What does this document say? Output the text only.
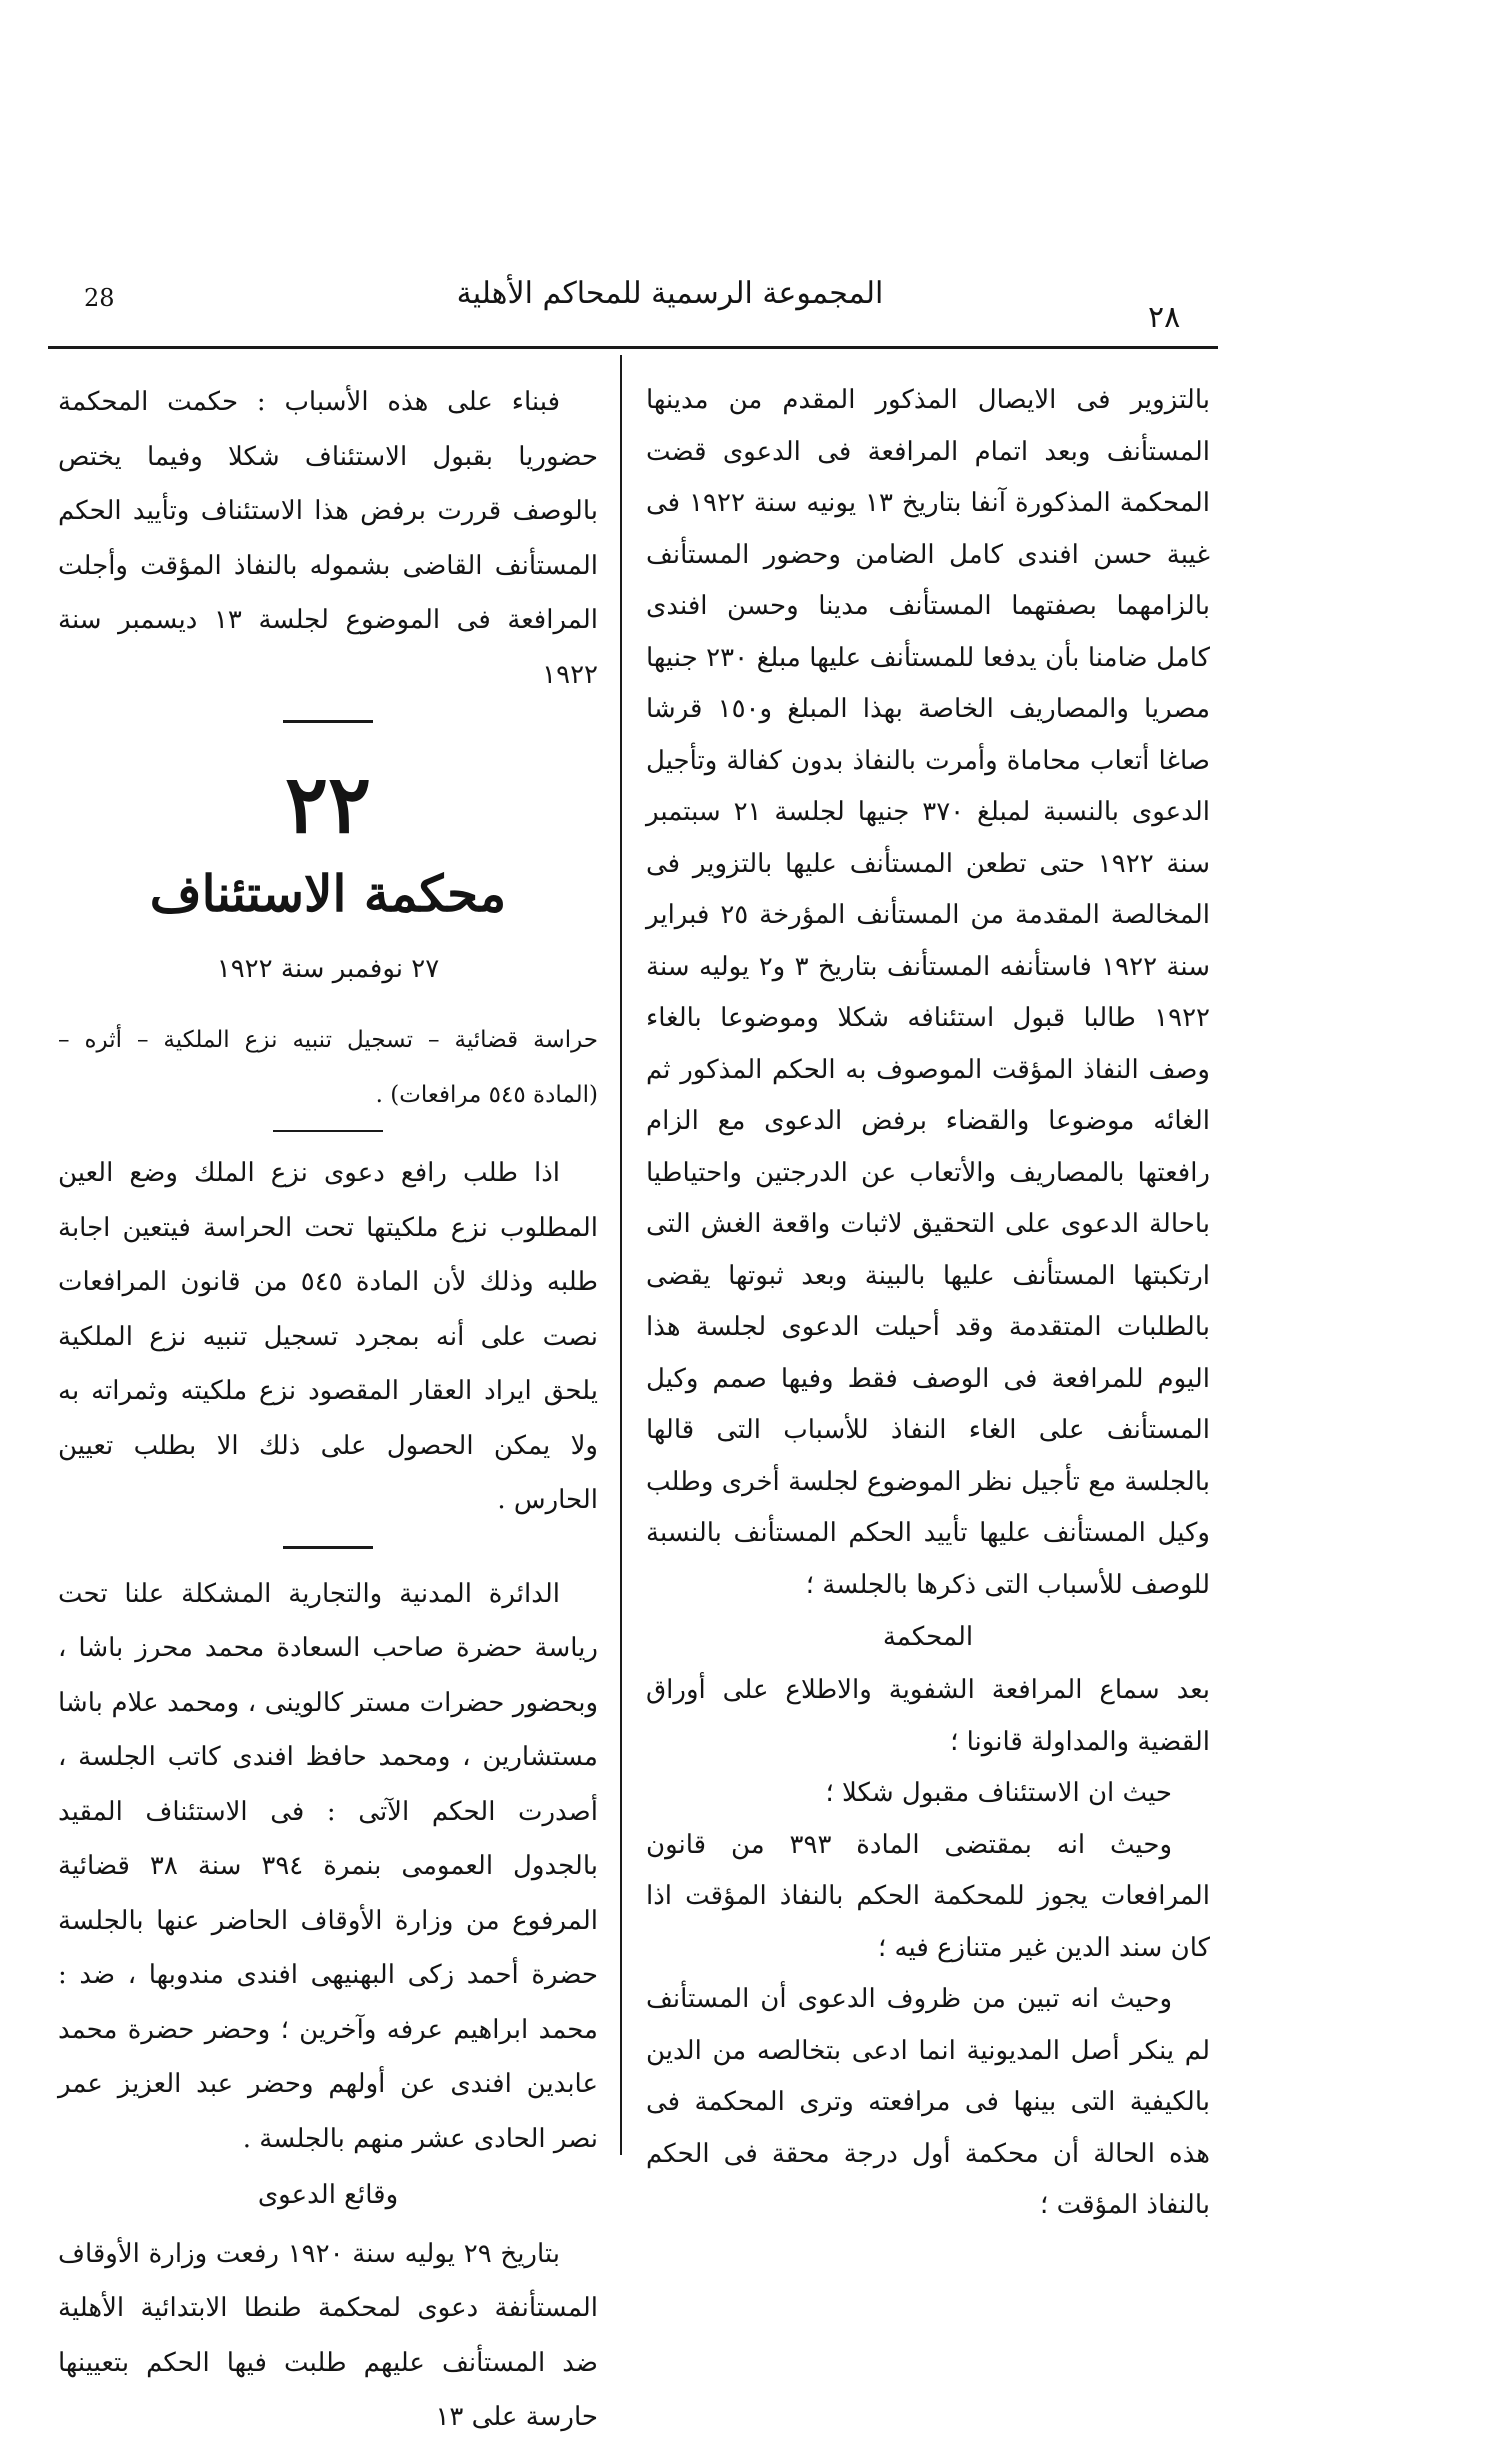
28	المجموعة الرسمية للمحاكم الأهلية
٢٨

بالتزوير فى الايصال المذكور المقدم من مدينها المستأنف وبعد اتمام المرافعة فى الدعوى قضت المحكمة المذكورة آنفا بتاريخ ١٣ يونيه سنة ١٩٢٢ فى غيبة حسن افندى كامل الضامن وحضور المستأنف بالزامهما بصفتهما المستأنف مدينا وحسن افندى كامل ضامنا بأن يدفعا للمستأنف عليها مبلغ ٢٣٠ جنيها مصريا والمصاريف الخاصة بهذا المبلغ و١٥٠ قرشا صاغا أتعاب محاماة وأمرت بالنفاذ بدون كفالة وتأجيل الدعوى بالنسبة لمبلغ ٣٧٠ جنيها لجلسة ٢١ سبتمبر سنة ١٩٢٢ حتى تطعن المستأنف عليها بالتزوير فى المخالصة المقدمة من المستأنف المؤرخة ٢٥ فبراير سنة ١٩٢٢ فاستأنفه المستأنف بتاريخ ٣ و٢ يوليه سنة ١٩٢٢ طالبا قبول استئنافه شكلا وموضوعا بالغاء وصف النفاذ المؤقت الموصوف به الحكم المذكور ثم الغائه موضوعا والقضاء برفض الدعوى مع الزام رافعتها بالمصاريف والأتعاب عن الدرجتين واحتياطيا باحالة الدعوى على التحقيق لاثبات واقعة الغش التى ارتكبتها المستأنف عليها بالبينة وبعد ثبوتها يقضى بالطلبات المتقدمة وقد أحيلت الدعوى لجلسة هذا اليوم للمرافعة فى الوصف فقط وفيها صمم وكيل المستأنف على الغاء النفاذ للأسباب التى قالها بالجلسة مع تأجيل نظر الموضوع لجلسة أخرى وطلب وكيل المستأنف عليها تأييد الحكم المستأنف بالنسبة للوصف للأسباب التى ذكرها بالجلسة ؛

المحكمة

بعد سماع المرافعة الشفوية والاطلاع على أوراق القضية والمداولة قانونا ؛

حيث ان الاستئناف مقبول شكلا ؛

وحيث انه بمقتضى المادة ٣٩٣ من قانون المرافعات يجوز للمحكمة الحكم بالنفاذ المؤقت اذا كان سند الدين غير متنازع فيه ؛

وحيث انه تبين من ظروف الدعوى أن المستأنف لم ينكر أصل المديونية انما ادعى بتخالصه من الدين بالكيفية التى بينها فى مرافعته وترى المحكمة فى هذه الحالة أن محكمة أول درجة محقة فى الحكم بالنفاذ المؤقت ؛

فبناء على هذه الأسباب : حكمت المحكمة حضوريا بقبول الاستئناف شكلا وفيما يختص بالوصف قررت برفض هذا الاستئناف وتأييد الحكم المستأنف القاضى بشموله بالنفاذ المؤقت وأجلت المرافعة فى الموضوع لجلسة ١٣ ديسمبر سنة ١٩٢٢

٢٢
محكمة الاستئناف
٢٧ نوفمبر سنة ١٩٢٢

حراسة قضائية – تسجيل تنبيه نزع الملكية – أثره – (المادة ٥٤٥ مرافعات) .

اذا طلب رافع دعوى نزع الملك وضع العين المطلوب نزع ملكيتها تحت الحراسة فيتعين اجابة طلبه وذلك لأن المادة ٥٤٥ من قانون المرافعات نصت على أنه بمجرد تسجيل تنبيه نزع الملكية يلحق ايراد العقار المقصود نزع ملكيته وثمراته به ولا يمكن الحصول على ذلك الا بطلب تعيين الحارس .

الدائرة المدنية والتجارية المشكلة علنا تحت رياسة حضرة صاحب السعادة محمد محرز باشا ، وبحضور حضرات مستر كالوينى ، ومحمد علام باشا مستشارين ، ومحمد حافظ افندى كاتب الجلسة ، أصدرت الحكم الآتى : فى الاستئناف المقيد بالجدول العمومى بنمرة ٣٩٤ سنة ٣٨ قضائية المرفوع من وزارة الأوقاف الحاضر عنها بالجلسة حضرة أحمد زكى البهنيهى افندى مندوبها ، ضد : محمد ابراهيم عرفه وآخرين ؛ وحضر حضرة محمد عابدين افندى عن أولهم وحضر عبد العزيز عمر نصر الحادى عشر منهم بالجلسة .

وقائع الدعوى

بتاريخ ٢٩ يوليه سنة ١٩٢٠ رفعت وزارة الأوقاف المستأنفة دعوى لمحكمة طنطا الابتدائية الأهلية ضد المستأنف عليهم طلبت فيها الحكم بتعيينها حارسة على ١٣
